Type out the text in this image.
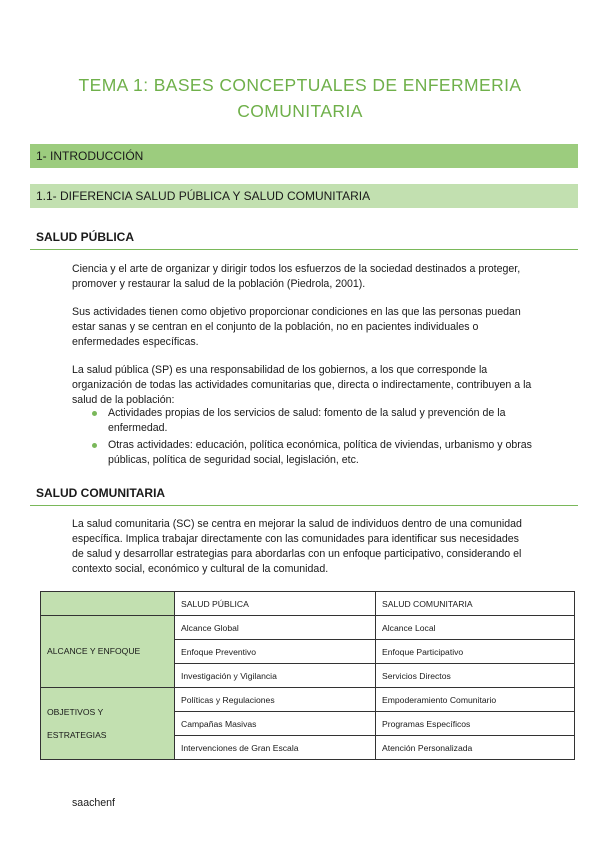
TEMA 1: BASES CONCEPTUALES DE ENFERMERIA
COMUNITARIA
1- INTRODUCCIÓN
1.1- DIFERENCIA SALUD PÚBLICA Y SALUD COMUNITARIA
SALUD PÚBLICA
Ciencia y el arte de organizar y dirigir todos los esfuerzos de la sociedad destinados a proteger, promover y restaurar la salud de la población (Piedrola, 2001).
Sus actividades tienen como objetivo proporcionar condiciones en las que las personas puedan estar sanas y se centran en el conjunto de la población, no en pacientes individuales o enfermedades específicas.
La salud pública (SP) es una responsabilidad de los gobiernos, a los que corresponde la organización de todas las actividades comunitarias que, directa o indirectamente, contribuyen a la salud de la población:
Actividades propias de los servicios de salud: fomento de la salud y prevención de la enfermedad.
Otras actividades: educación, política económica, política de viviendas, urbanismo y obras públicas, política de seguridad social, legislación, etc.
SALUD COMUNITARIA
La salud comunitaria (SC) se centra en mejorar la salud de individuos dentro de una comunidad específica. Implica trabajar directamente con las comunidades para identificar sus necesidades de salud y desarrollar estrategias para abordarlas con un enfoque participativo, considerando el contexto social, económico y cultural de la comunidad.
	SALUD PÚBLICA	SALUD COMUNITARIA
ALCANCE Y ENFOQUE	Alcance Global	Alcance Local
	Enfoque Preventivo	Enfoque Participativo
	Investigación y Vigilancia	Servicios Directos

OBJETIVOS Y
ESTRATEGIAS	Políticas y Regulaciones	Empoderamiento Comunitario
	Campañas Masivas	Programas Específicos
	Intervenciones de Gran Escala	Atención Personalizada
saachenf
